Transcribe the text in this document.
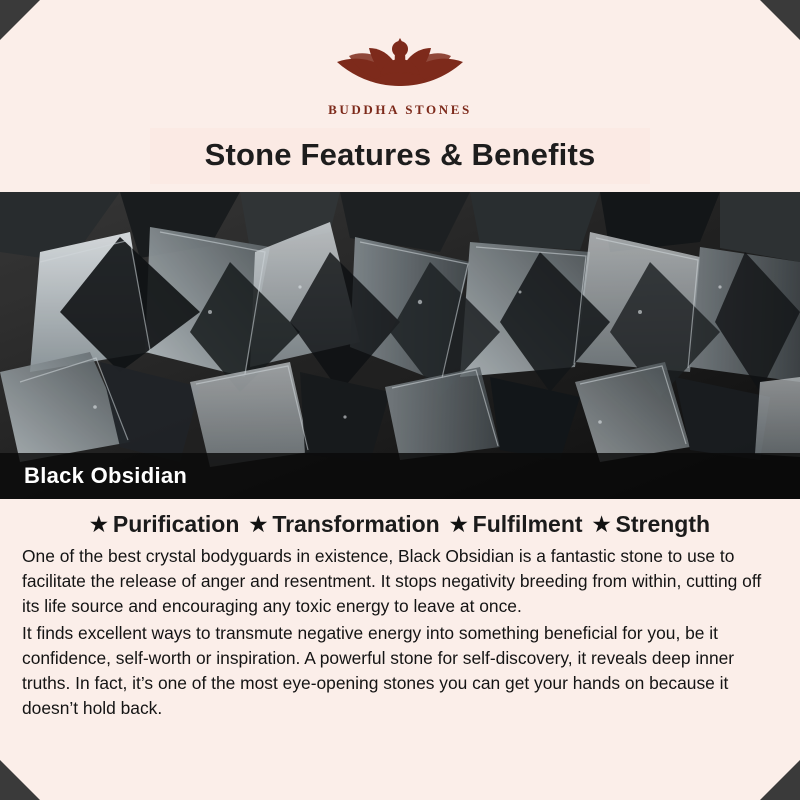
BUDDHA STONES
Stone Features & Benefits
Black Obsidian
★ Purification ★ Transformation ★ Fulfilment ★ Strength

One of the best crystal bodyguards in existence, Black Obsidian is a fantastic stone to use to facilitate the release of anger and resentment. It stops negativity breeding from within, cutting off its life source and encouraging any toxic energy to leave at once.

It finds excellent ways to transmute negative energy into something beneficial for you, be it confidence, self-worth or inspiration. A powerful stone for self-discovery, it reveals deep inner truths. In fact, it’s one of the most eye-opening stones you can get your hands on because it doesn’t hold back.
